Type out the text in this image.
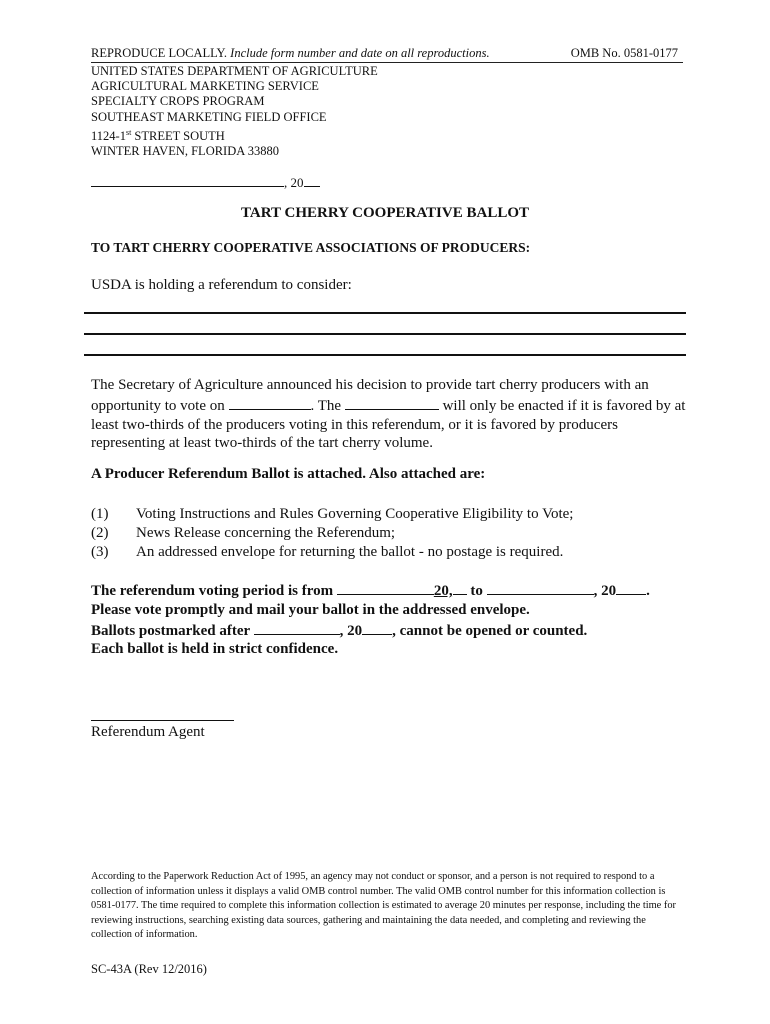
REPRODUCE LOCALLY. Include form number and date on all reproductions.	OMB No. 0581-0177
UNITED STATES DEPARTMENT OF AGRICULTURE
AGRICULTURAL MARKETING SERVICE
SPECIALTY CROPS PROGRAM
SOUTHEAST MARKETING FIELD OFFICE
1124-1st STREET SOUTH
WINTER HAVEN, FLORIDA 33880
, 20
TART CHERRY COOPERATIVE BALLOT
TO TART CHERRY COOPERATIVE ASSOCIATIONS OF PRODUCERS:
USDA is holding a referendum to consider:
The Secretary of Agriculture announced his decision to provide tart cherry producers with an opportunity to vote on	. The	will only be enacted if it is favored by at least two-thirds of the producers voting in this referendum, or it is favored by producers representing at least two-thirds of the tart cherry volume.
A Producer Referendum Ballot is attached. Also attached are:
(1)	Voting Instructions and Rules Governing Cooperative Eligibility to Vote;
(2)	News Release concerning the Referendum;
(3)	An addressed envelope for returning the ballot - no postage is required.
The referendum voting period is from	20, to	, 20 .
Please vote promptly and mail your ballot in the addressed envelope.
Ballots postmarked after	, 20 , cannot be opened or counted.
Each ballot is held in strict confidence.
Referendum Agent
According to the Paperwork Reduction Act of 1995, an agency may not conduct or sponsor, and a person is not required to respond to a collection of information unless it displays a valid OMB control number. The valid OMB control number for this information collection is 0581-0177. The time required to complete this information collection is estimated to average 20 minutes per response, including the time for reviewing instructions, searching existing data sources, gathering and maintaining the data needed, and completing and reviewing the collection of information.
SC-43A (Rev 12/2016)
